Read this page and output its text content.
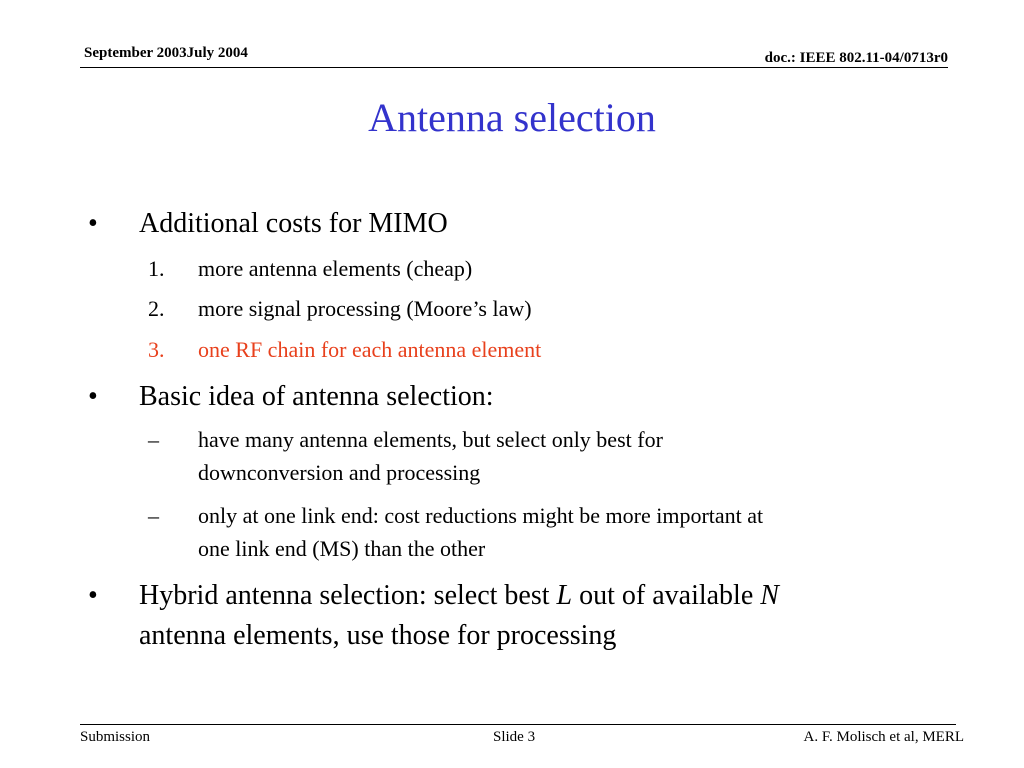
September 2003July 2004	doc.: IEEE 802.11-04/0713r0
Antenna selection
• Additional costs for MIMO
1. more antenna elements (cheap)
2. more signal processing (Moore’s law)
3. one RF chain for each antenna element
• Basic idea of antenna selection:
– have many antenna elements, but select only best for
downconversion and processing
– only at one link end: cost reductions might be more important at
one link end (MS) than the other
• Hybrid antenna selection: select best L out of available N
antenna elements, use those for processing
Submission	Slide 3	A. F. Molisch et al, MERL
